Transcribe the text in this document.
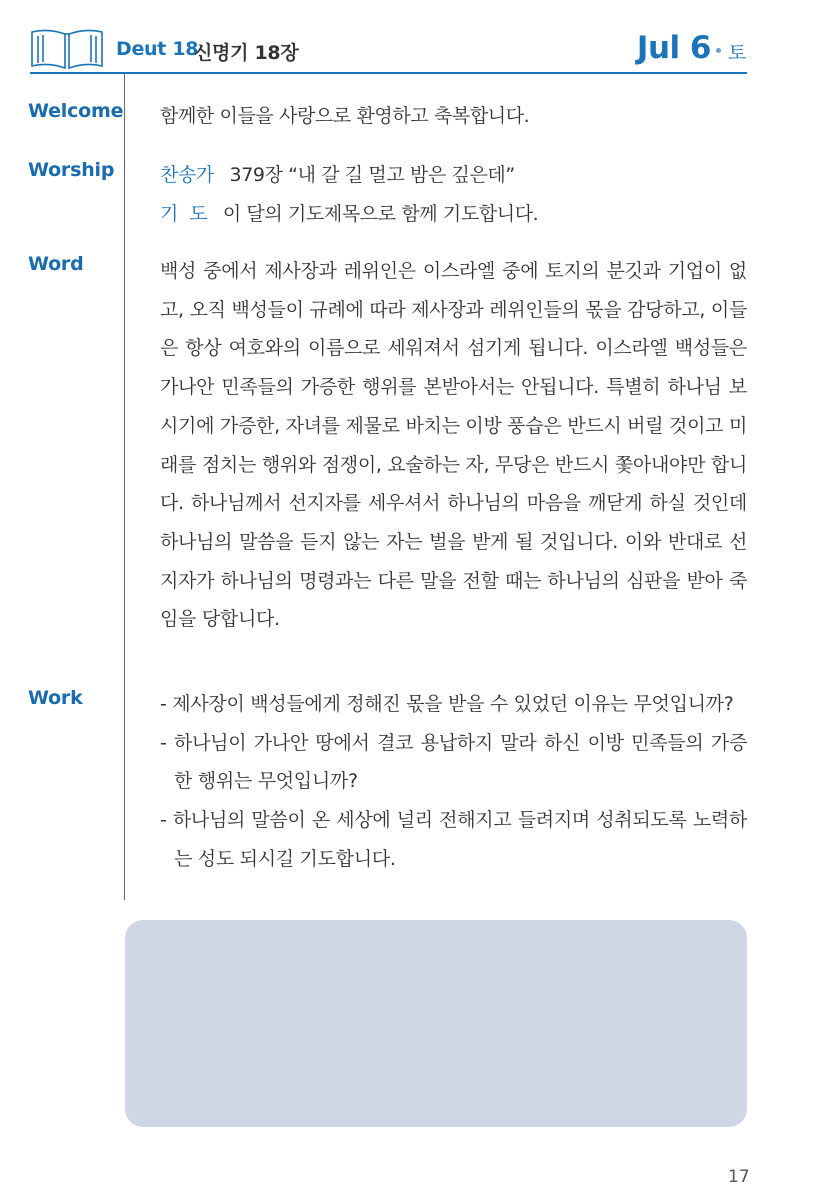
Deut 18
신명기 18장	Jul 6 토
Welcome 함께한 이들을 사랑으로 환영하고 축복합니다.
Worship 찬송가 379장 “내 갈 길 멀고 밤은 깊은데”
기  도 이 달의 기도제목으로 함께 기도합니다.
Word	백성 중에서 제사장과 레위인은 이스라엘 중에 토지의 분깃과 기업이 없고, 오직 백성들이 규례에 따라 제사장과 레위인들의 몫을 감당하고, 이들은 항상 여호와의 이름으로 세워져서 섬기게 됩니다. 이스라엘 백성들은 가나안 민족들의 가증한 행위를 본받아서는 안됩니다. 특별히 하나님 보시기에 가증한, 자녀를 제물로 바치는 이방 풍습은 반드시 버릴 것이고 미래를 점치는 행위와 점쟁이, 요술하는 자, 무당은 반드시 쫓아내야만 합니다. 하나님께서 선지자를 세우셔서 하나님의 마음을 깨닫게 하실 것인데 하나님의 말씀을 듣지 않는 자는 벌을 받게 될 것입니다. 이와 반대로 선지자가 하나님의 명령과는 다른 말을 전할 때는 하나님의 심판을 받아 죽임을 당합니다.
Work	- 제사장이 백성들에게 정해진 몫을 받을 수 있었던 이유는 무엇입니까?
- 하나님이 가나안 땅에서 결코 용납하지 말라 하신 이방 민족들의 가증한 행위는 무엇입니까?
- 하나님의 말씀이 온 세상에 널리 전해지고 들려지며 성취되도록 노력하는 성도 되시길 기도합니다.
17
